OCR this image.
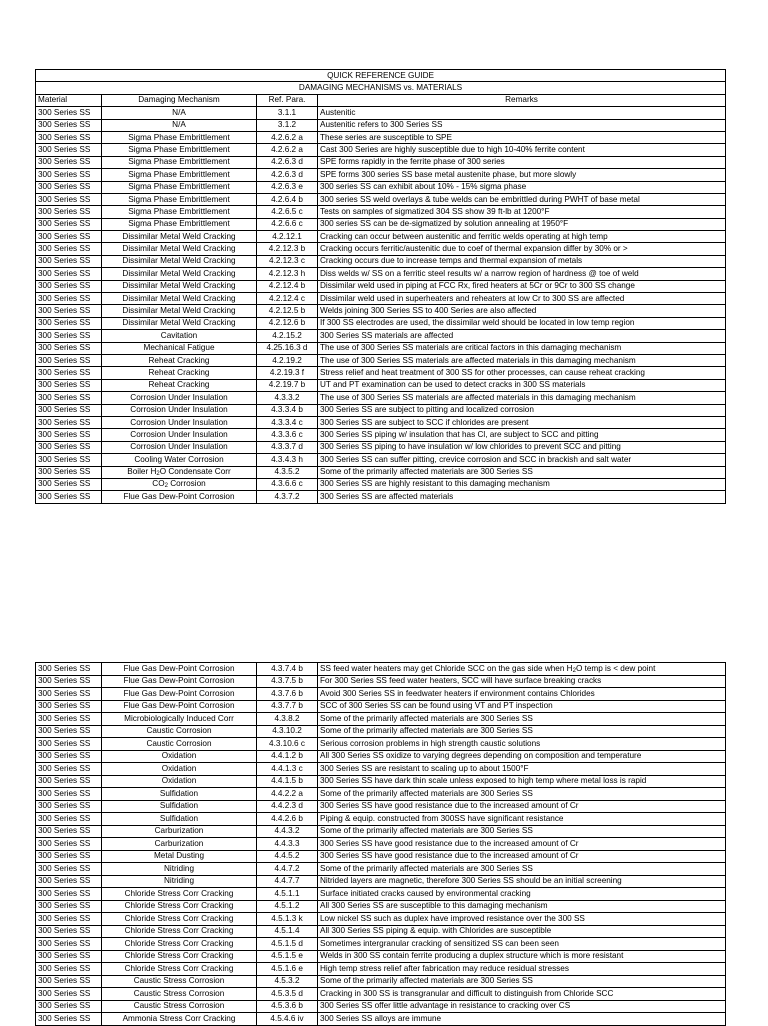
QUICK REFERENCE GUIDE			
DAMAGING MECHANISMS vs. MATERIALS			
Material	Damaging Mechanism	Ref. Para.	Remarks
300 Series SS	N/A	3.1.1	Austenitic
300 Series SS	N/A	3.1.2	Austenitic refers to 300 Series SS
300 Series SS	Sigma Phase Embrittlement	4.2.6.2 a	These series are susceptible to SPE
300 Series SS	Sigma Phase Embrittlement	4.2.6.2 a	Cast 300 Series are highly susceptible due to high 10-40% ferrite content
300 Series SS	Sigma Phase Embrittlement	4.2.6.3 d	SPE forms rapidly in the ferrite phase of 300 series
300 Series SS	Sigma Phase Embrittlement	4.2.6.3 d	SPE forms 300 series SS base metal austenite phase, but more slowly
300 Series SS	Sigma Phase Embrittlement	4.2.6.3 e	300 series SS can exhibit about 10% - 15% sigma phase
300 Series SS	Sigma Phase Embrittlement	4.2.6.4 b	300 series SS weld overlays & tube welds can be embrittled during PWHT of base metal
300 Series SS	Sigma Phase Embrittlement	4.2.6.5 c	Tests on samples of sigmatized 304 SS show 39 ft-lb at 1200°F
300 Series SS	Sigma Phase Embrittlement	4.2.6.6 c	300 series SS can be de-sigmatized by solution annealing at 1950°F
300 Series SS	Dissimilar Metal Weld Cracking	4.2.12.1	Cracking can occur between austenitic and ferritic welds operating at high temp
300 Series SS	Dissimilar Metal Weld Cracking	4.2.12.3 b	Cracking occurs ferritic/austenitic due to coef of thermal expansion differ by 30% or >
300 Series SS	Dissimilar Metal Weld Cracking	4.2.12.3 c	Cracking occurs due to increase temps and thermal expansion of metals
300 Series SS	Dissimilar Metal Weld Cracking	4.2.12.3 h	Diss welds w/ SS on a ferritic steel results w/ a narrow region of hardness @ toe of weld
300 Series SS	Dissimilar Metal Weld Cracking	4.2.12.4 b	Dissimilar weld used in piping at FCC Rx, fired heaters at 5Cr or 9Cr to 300 SS change
300 Series SS	Dissimilar Metal Weld Cracking	4.2.12.4 c	Dissimilar weld used in superheaters and reheaters at low Cr to 300 SS are affected
300 Series SS	Dissimilar Metal Weld Cracking	4.2.12.5 b	Welds joining 300 Series SS to 400 Series are also affected
300 Series SS	Dissimilar Metal Weld Cracking	4.2.12.6 b	If 300 SS electrodes are used, the dissimilar weld should be located in low temp region
300 Series SS	Cavitation	4.2.15.2	300 Series SS materials are affected
300 Series SS	Mechanical Fatigue	4.25.16.3 d	The use of 300 Series SS materials are critical factors in this damaging mechanism
300 Series SS	Reheat Cracking	4.2.19.2	The use of 300 Series SS materials are affected materials in this damaging mechanism
300 Series SS	Reheat Cracking	4.2.19.3 f	Stress relief and heat treatment of 300 SS for other processes, can cause reheat cracking
300 Series SS	Reheat Cracking	4.2.19.7 b	UT and PT examination can be used to detect cracks in 300 SS materials
300 Series SS	Corrosion Under Insulation	4.3.3.2	The use of 300 Series SS materials are affected materials in this damaging mechanism
300 Series SS	Corrosion Under Insulation	4.3.3.4 b	300 Series SS are subject to pitting and localized corrosion
300 Series SS	Corrosion Under Insulation	4.3.3.4 c	300 Series SS are subject to SCC if chlorides are present
300 Series SS	Corrosion Under Insulation	4.3.3.6 c	300 Series SS piping w/ insulation that has Cl, are subject to SCC and pitting
300 Series SS	Corrosion Under Insulation	4.3.3.7 d	300 Series SS piping to have insulation w/ low chlorides to prevent SCC and pitting
300 Series SS	Cooling Water Corrosion	4.3.4.3 h	300 Series SS can suffer pitting, crevice corrosion and SCC in brackish and salt water
300 Series SS	Boiler $H_2O$ Condensate Corr	4.3.5.2	Some of the primarily affected materials are 300 Series SS
300 Series SS	$CO_2$ Corrosion	4.3.6.6 c	300 Series SS are highly resistant to this damaging mechanism
300 Series SS	Flue Gas Dew-Point Corrosion	4.3.7.2	300 Series SS are affected materials
300 Series SS	Flue Gas Dew-Point Corrosion	4.3.7.4 b	SS feed water heaters may get Chloride SCC on the gas side when $H_2O$ temp is < dew point
300 Series SS	Flue Gas Dew-Point Corrosion	4.3.7.5 b	For 300 Series SS feed water heaters, SCC will have surface breaking cracks
300 Series SS	Flue Gas Dew-Point Corrosion	4.3.7.6 b	Avoid 300 Series SS in feedwater heaters if environment contains Chlorides
300 Series SS	Flue Gas Dew-Point Corrosion	4.3.7.7 b	SCC of 300 Series SS can be found using VT and PT inspection
300 Series SS	Microbiologically Induced Corr	4.3.8.2	Some of the primarily affected materials are 300 Series SS
300 Series SS	Caustic Corrosion	4.3.10.2	Some of the primarily affected materials are 300 Series SS
300 Series SS	Caustic Corrosion	4.3.10.6 c	Serious corrosion problems in high strength caustic solutions
300 Series SS	Oxidation	4.4.1.2 b	All 300 Series SS oxidize to varying degrees depending on composition and temperature
300 Series SS	Oxidation	4.4.1.3 c	300 Series SS are resistant to scaling up to about 1500°F
300 Series SS	Oxidation	4.4.1.5 b	300 Series SS have dark thin scale unless exposed to high temp where metal loss is rapid
300 Series SS	Sulfidation	4.4.2.2 a	Some of the primarily affected materials are 300 Series SS
300 Series SS	Sulfidation	4.4.2.3 d	300 Series SS have good resistance due to the increased amount of Cr
300 Series SS	Sulfidation	4.4.2.6 b	Piping & equip. constructed from 300SS have significant resistance
300 Series SS	Carburization	4.4.3.2	Some of the primarily affected materials are 300 Series SS
300 Series SS	Carburization	4.4.3.3	300 Series SS have good resistance due to the increased amount of Cr
300 Series SS	Metal Dusting	4.4.5.2	300 Series SS have good resistance due to the increased amount of Cr
300 Series SS	Nitriding	4.4.7.2	Some of the primarily affected materials are 300 Series SS
300 Series SS	Nitriding	4.4.7.7	Nitrided layers are magnetic, therefore 300 Series SS should be an initial screening
300 Series SS	Chloride Stress Corr Cracking	4.5.1.1	Surface initiated cracks caused by environmental cracking
300 Series SS	Chloride Stress Corr Cracking	4.5.1.2	All 300 Series SS are susceptible to this damaging mechanism
300 Series SS	Chloride Stress Corr Cracking	4.5.1.3 k	Low nickel SS such as duplex have improved resistance over the 300 SS
300 Series SS	Chloride Stress Corr Cracking	4.5.1.4	All 300 Series SS piping & equip. with Chlorides are susceptible
300 Series SS	Chloride Stress Corr Cracking	4.5.1.5 d	Sometimes intergranular cracking of sensitized SS can been seen
300 Series SS	Chloride Stress Corr Cracking	4.5.1.5 e	Welds in 300 SS contain ferrite producing a duplex structure which is more resistant
300 Series SS	Chloride Stress Corr Cracking	4.5.1.6 e	High temp stress relief after fabrication may reduce residual stresses
300 Series SS	Caustic Stress Corrosion	4.5.3.2	Some of the primarily affected materials are 300 Series SS
300 Series SS	Caustic Stress Corrosion	4.5.3.5 d	Cracking in 300 SS is transgranular and difficult to distinguish from Chloride SCC
300 Series SS	Caustic Stress Corrosion	4.5.3.6 b	300 Series SS offer little advantage in resistance to cracking over CS
300 Series SS	Ammonia Stress Corr Cracking	4.5.4.6 iv	300 Series SS alloys are immune
